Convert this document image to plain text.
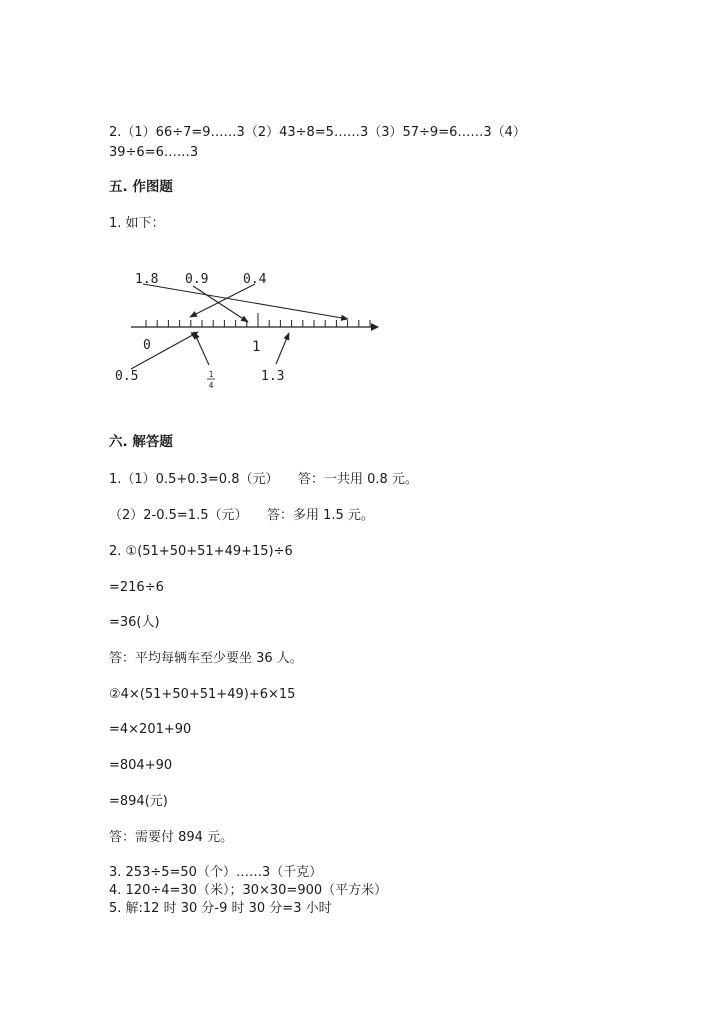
2.（1）66÷7=9……3（2）43÷8=5……3（3）57÷9=6……3（4）
39÷6=6……3
五. 作图题
1. 如下：
1.8 0.9	0.4
0	1
0.5	1.3
1
4
六. 解答题
1.（1）0.5+0.3=0.8（元）　　答：一共用 0.8 元。
（2）2-0.5=1.5（元）　　答：多用 1.5 元。
2. ①(51+50+51+49+15)÷6
=216÷6
=36(人)
答：平均每辆车至少要坐 36 人。
②4×(51+50+51+49)+6×15
=4×201+90
=804+90
=894(元)
答：需要付 894 元。
3. 253÷5=50（个）……3（千克）
4. 120÷4=30（米）；30×30=900（平方米）
5. 解:12 时 30 分-9 时 30 分=3 小时
